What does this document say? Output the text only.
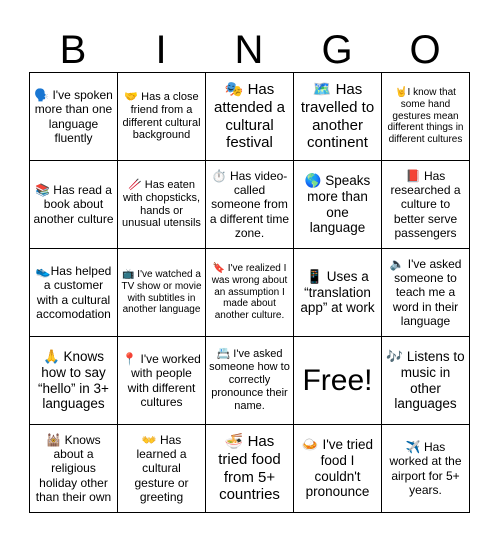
B	I	N	G	O
🗣️ I've spoken more than one language fluently	🤝 Has a close friend from a different cultural background	🎭 Has attended a cultural festival	🗺️ Has travelled to another continent	🤘I know that some hand gestures mean different things in different cultures
📚 Has read a book about another culture	🥢 Has eaten with chopsticks, hands or unusual utensils	⏱️ Has video-called someone from a different time zone.	🌎 Speaks more than one language	📕 Has researched a culture to better serve passengers
👟Has helped a customer with a cultural accomodation	📺 I've watched a TV show or movie with subtitles in another language	🔖 I've realized I was wrong about an assumption I made about another culture.	📱 Uses a “translation app” at work	🔈 I've asked someone to teach me a word in their language
🙏 Knows how to say “hello” in 3+ languages	📍 I've worked with people with different cultures	📇 I've asked someone how to correctly pronounce their name.	Free!	🎶 Listens to music in other languages
🕍 Knows about a religious holiday other than their own	👐 Has learned a cultural gesture or greeting	🍜 Has tried food from 5+ countries	🍛 I've tried food I couldn't pronounce	✈️ Has worked at the airport for 5+ years.
